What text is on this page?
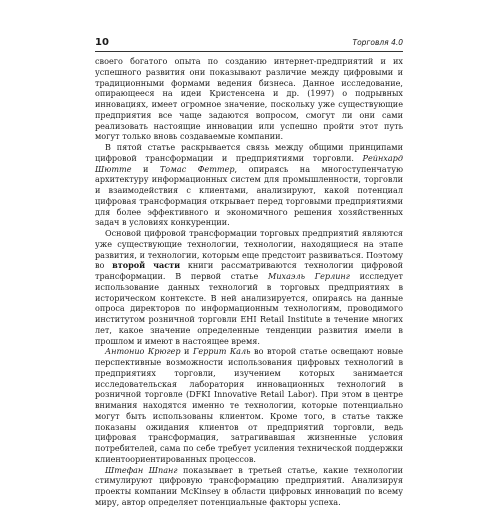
10	Торговля 4.0

своего богатого опыта по созданию интернет-предприятий и их успешного развития они показывают различие между цифровыми и традиционными формами ведения бизнеса. Данное исследование, опирающееся на идеи Кристенсена и др. (1997) о подрывных инновациях, имеет огромное значение, поскольку уже существующие предприятия все чаще задаются вопросом, смогут ли они сами реализовать настоящие инновации или успешно пройти этот путь могут только вновь создаваемые компании.

В пятой статье раскрывается связь между общими принципами цифровой трансформации и предприятиями торговли. Рейнхард Шютте и Томас Феттер, опираясь на многоступенчатую архитектуру информационных систем для промышленности, торговли и взаимодействия с клиентами, анализируют, какой потенциал цифровая трансформация открывает перед торговыми предприятиями для более эффективного и экономичного решения хозяйственных задач в условиях конкуренции.

Основой цифровой трансформации торговых предприятий являются уже существующие технологии, технологии, находящиеся на этапе развития, и технологии, которым еще предстоит развиваться. Поэтому во второй части книги рассматриваются технологии цифровой трансформации. В первой статье Михаэль Герлинг исследует использование данных технологий в торговых предприятиях в историческом контексте. В ней анализируется, опираясь на данные опроса директоров по информационным технологиям, проводимого институтом розничной торговли EHI Retail Institute в течение многих лет, какое значение определенные тенденции развития имели в прошлом и имеют в настоящее время.

Антонио Крюгер и Геррит Каль во второй статье освещают новые перспективные возможности использования цифровых технологий в предприятиях торговли, изучением которых занимается исследовательская лаборатория инновационных технологий в розничной торговле (DFKI Innovative Retail Labor). При этом в центре внимания находятся именно те технологии, которые потенциально могут быть использованы клиентом. Кроме того, в статье также показаны ожидания клиентов от предприятий торговли, ведь цифровая трансформация, затрагивавшая жизненные условия потребителей, сама по себе требует усиления технической поддержки клиентоориентированных процессов.

Штефан Шпанг показывает в третьей статье, какие технологии стимулируют цифровую трансформацию предприятий. Анализируя проекты компании McKinsey в области цифровых инноваций по всему миру, автор определяет потенциальные факторы успеха.
